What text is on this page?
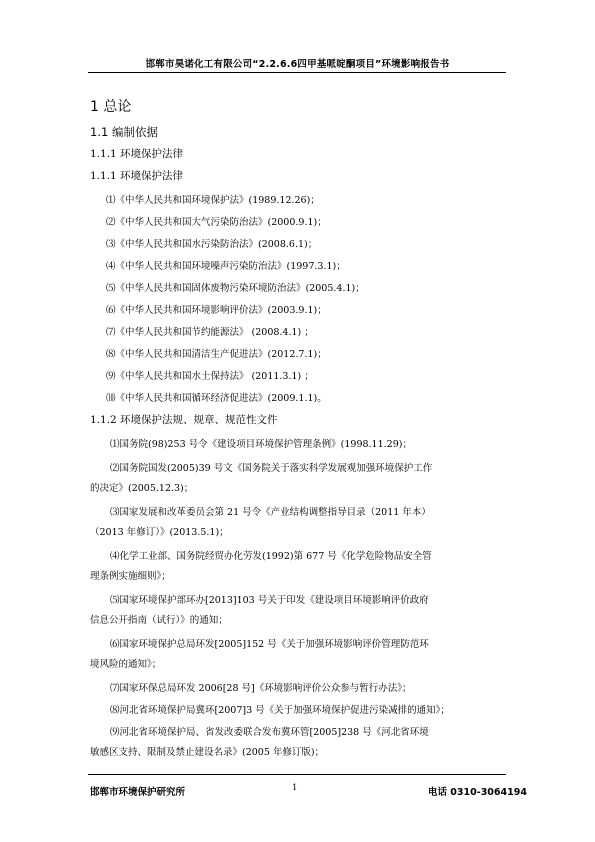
邯郸市昊诺化工有限公司“2.2.6.6四甲基哌啶酮项目”环境影响报告书
1 总论
1.1 编制依据
1.1.1 环境保护法律
1.1.1 环境保护法律
⑴《中华人民共和国环境保护法》(1989.12.26)；
⑵《中华人民共和国大气污染防治法》(2000.9.1)；
⑶《中华人民共和国水污染防治法》(2008.6.1)；
⑷《中华人民共和国环境噪声污染防治法》(1997.3.1)；
⑸《中华人民共和国固体废物污染环境防治法》(2005.4.1)；
⑹《中华人民共和国环境影响评价法》(2003.9.1)；
⑺《中华人民共和国节约能源法》 (2008.4.1) ；
⑻《中华人民共和国清洁生产促进法》(2012.7.1)；
⑼《中华人民共和国水土保持法》 (2011.3.1) ；
⑽《中华人民共和国循环经济促进法》(2009.1.1)。
1.1.2 环境保护法规、规章、规范性文件
⑴国务院(98)253 号令《建设项目环境保护管理条例》(1998.11.29)；
⑵国务院国发(2005)39 号文《国务院关于落实科学发展观加强环境保护工作
的决定》(2005.12.3)；
⑶国家发展和改革委员会第 21 号令《产业结构调整指导目录（2011 年本）
（2013 年修订）》(2013.5.1)；
⑷化学工业部、国务院经贸办化劳发(1992)第 677 号《化学危险物品安全管
理条例实施细则》；
⑸国家环境保护部环办[2013]103 号关于印发《建设项目环境影响评价政府
信息公开指南（试行）》的通知；
⑹国家环境保护总局环发[2005]152 号《关于加强环境影响评价管理防范环
境风险的通知》；
⑺国家环保总局环发 2006[28 号]《环境影响评价公众参与暂行办法》；
⑻河北省环境保护局冀环[2007]3 号《关于加强环境保护促进污染减排的通知》；
⑼河北省环境保护局、省发改委联合发布冀环管[2005]238 号《河北省环境
敏感区支持、限制及禁止建设名录》(2005 年修订版)；
邯郸市环境保护研究所	1	电话 0310-3064194
